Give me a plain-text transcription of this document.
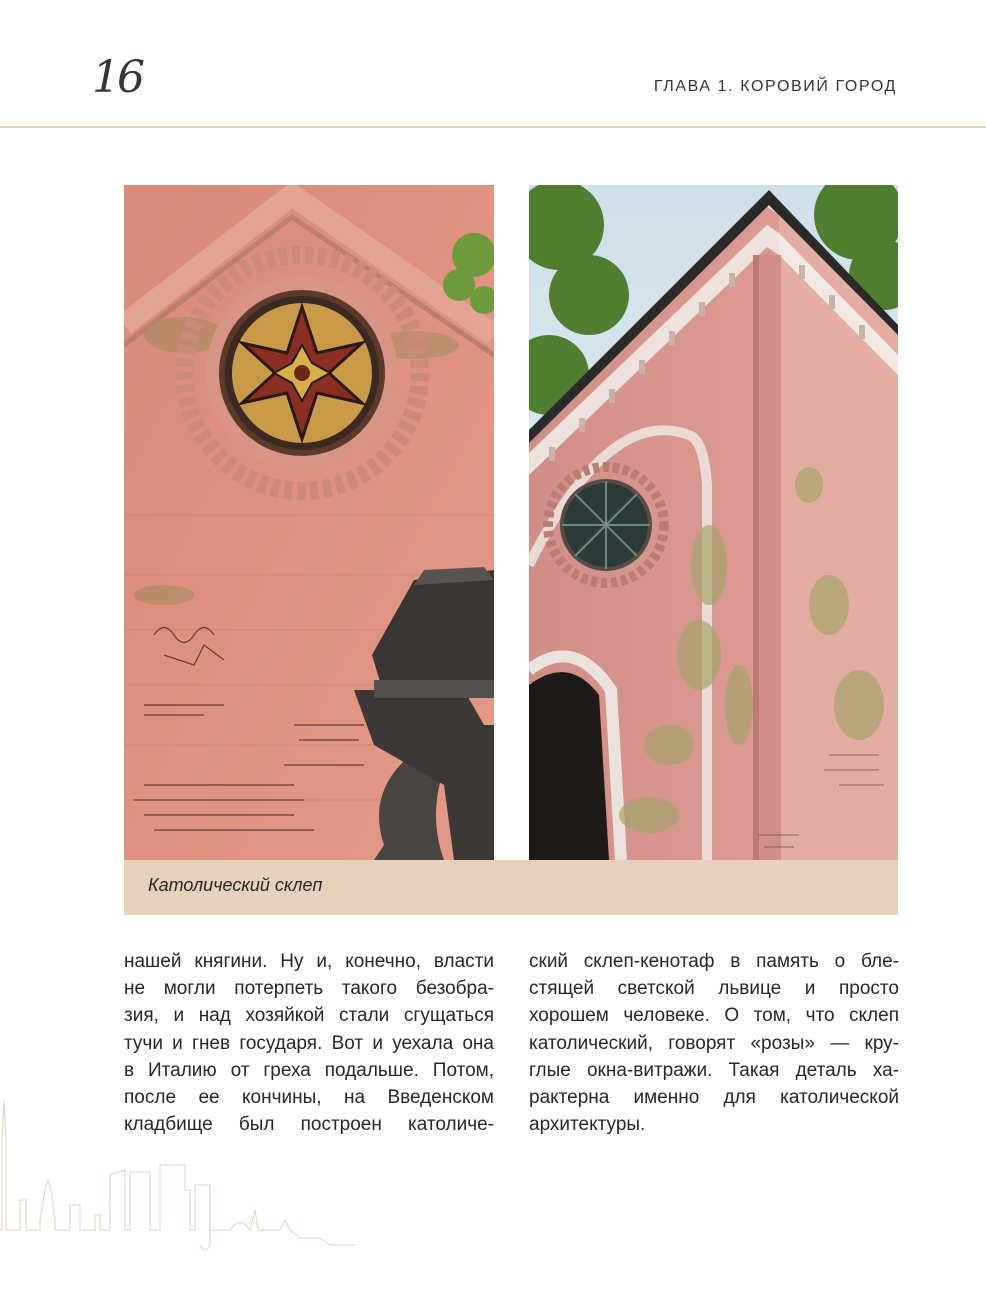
16	ГЛАВА 1. КОРОВИЙ ГОРОД
Католический склеп
нашей княгини. Ну и, конечно, власти
не могли потерпеть такого безобра-
зия, и над хозяйкой стали сгущаться
тучи и гнев государя. Вот и уехала она
в Италию от греха подальше. Потом,
после ее кончины, на Введенском
кладбище был построен католиче-
ский склеп-кенотаф в память о бле-
стящей светской львице и просто
хорошем человеке. О том, что склеп
католический, говорят «розы» — кру-
глые окна-витражи. Такая деталь ха-
рактерна именно для католической
архитектуры.
